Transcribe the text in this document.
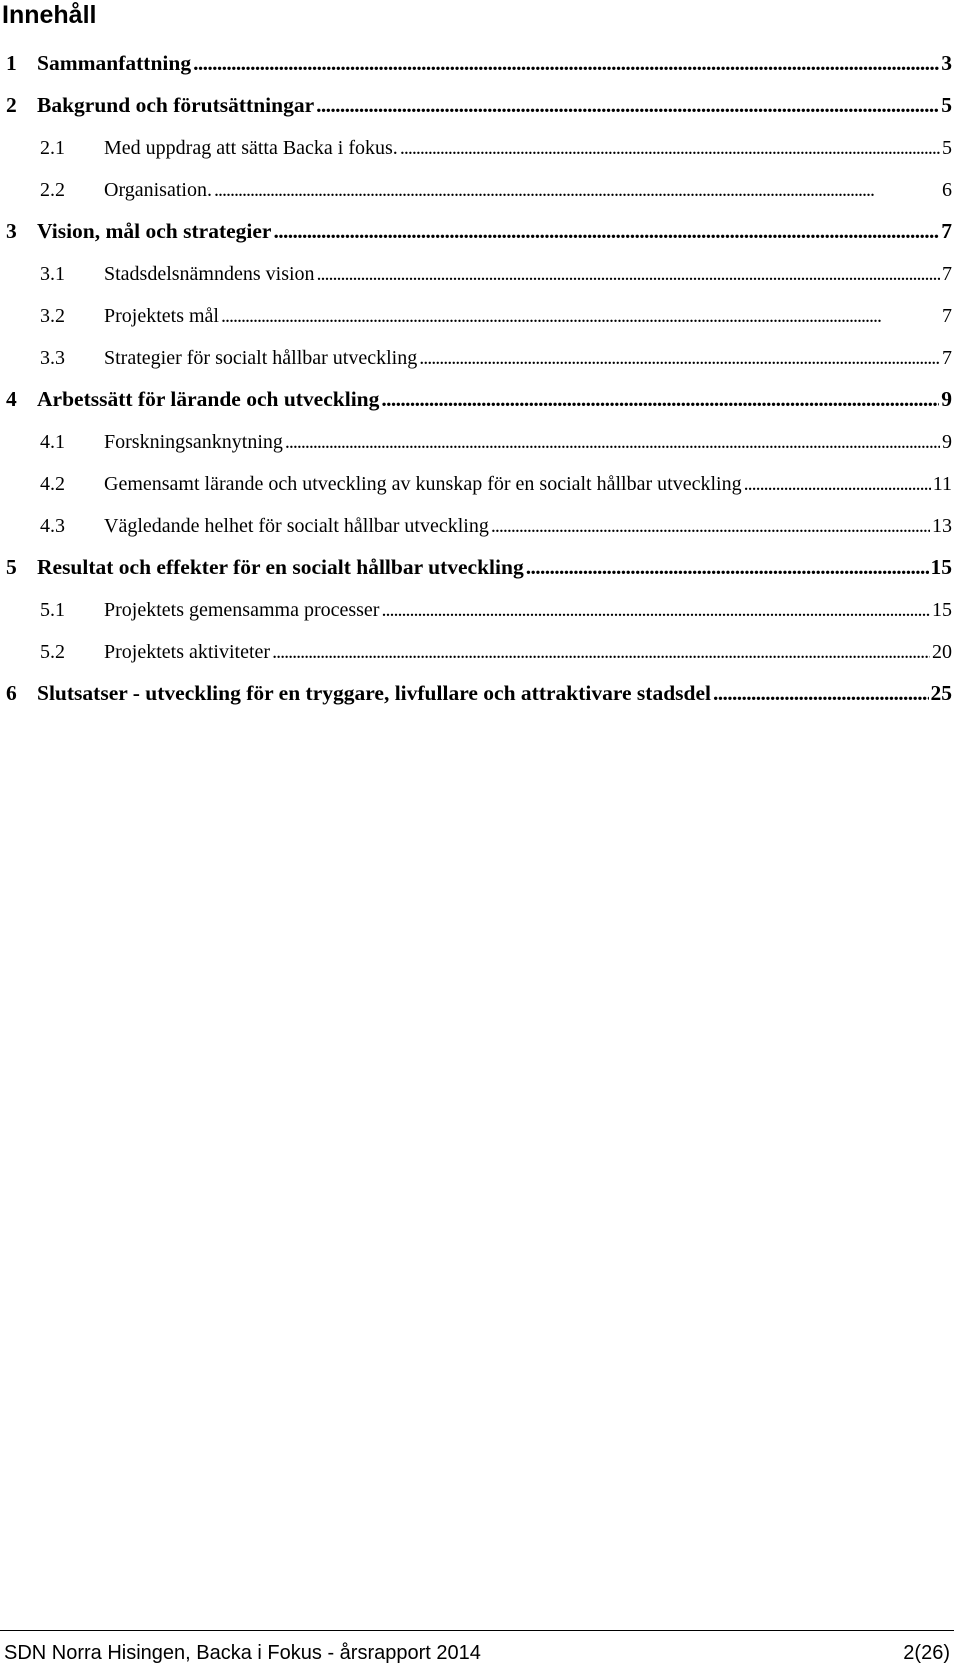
Innehåll
1 Sammanfattning . . .	3
2 Bakgrund och förutsättningar . . .	5
2.1 Med uppdrag att sätta Backa i fokus. . . .	5
2.2 Organisation. . . .	6
3 Vision, mål och strategier . . .	7
3.1 Stadsdelsnämndens vision . . .	7
3.2 Projektets mål . . .	7
3.3 Strategier för socialt hållbar utveckling . . .	7
4 Arbetssätt för lärande och utveckling . . .	9
4.1 Forskningsanknytning . . .	9
4.2 Gemensamt lärande och utveckling av kunskap för en socialt hållbar utveckling . . .	11
4.3 Vägledande helhet för socialt hållbar utveckling . . .	13
5 Resultat och effekter för en socialt hållbar utveckling . . .	15
5.1 Projektets gemensamma processer . . .	15
5.2 Projektets aktiviteter . . .	20
6 Slutsatser - utveckling för en tryggare, livfullare och attraktivare stadsdel . . .	25
SDN Norra Hisingen, Backa i Fokus - årsrapport 2014	2(26)
